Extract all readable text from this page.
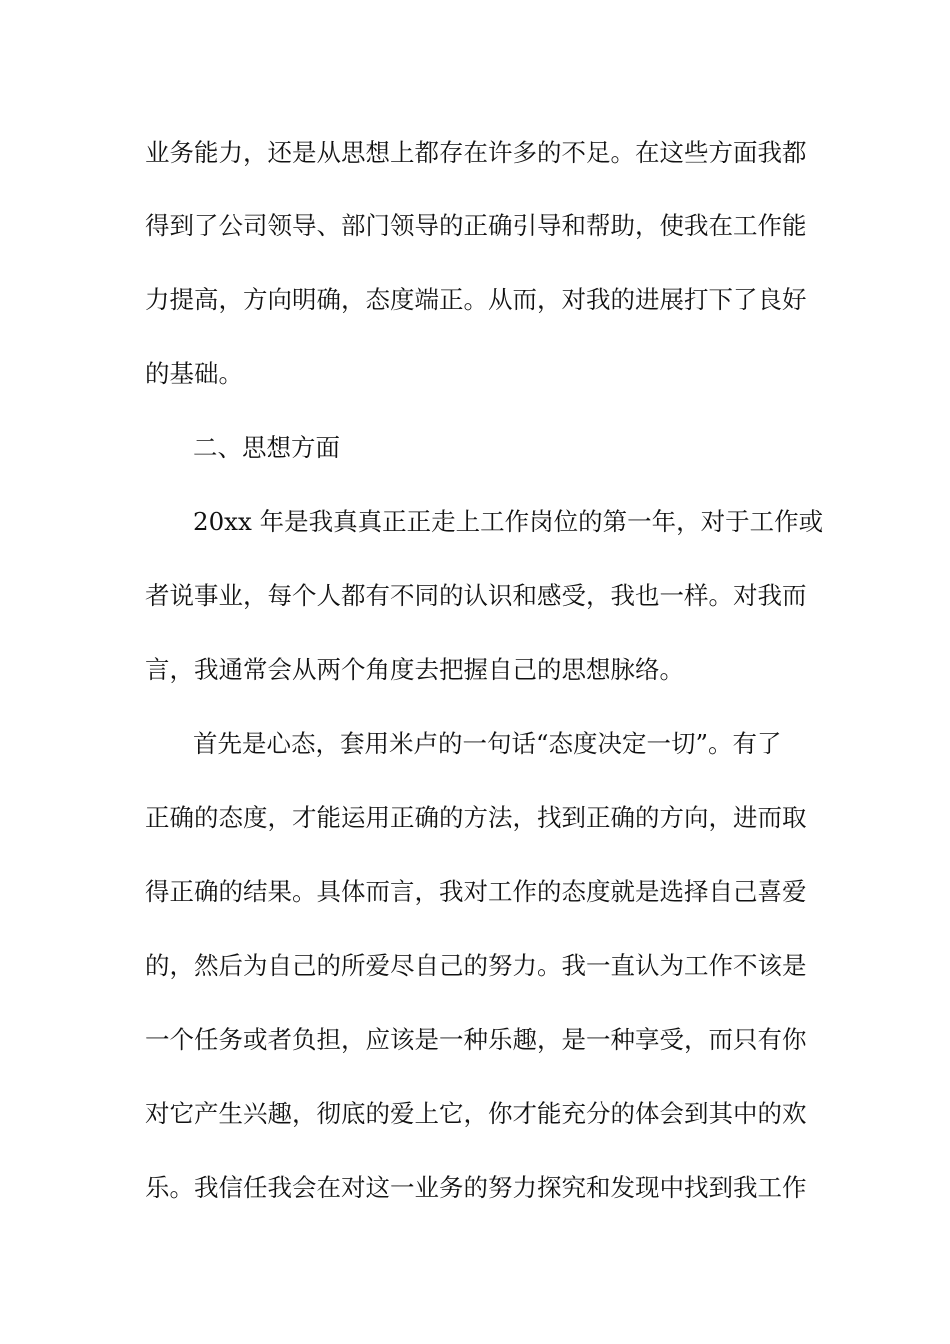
业务能力，还是从思想上都存在许多的不足。在这些方面我都
得到了公司领导、部门领导的正确引导和帮助，使我在工作能
力提高，方向明确，态度端正。从而，对我的进展打下了良好
的基础。
二、思想方面
20xx 年是我真真正正走上工作岗位的第一年，对于工作或
者说事业，每个人都有不同的认识和感受，我也一样。对我而
言，我通常会从两个角度去把握自己的思想脉络。
首先是心态，套用米卢的一句话“态度决定一切”。有了
正确的态度，才能运用正确的方法，找到正确的方向，进而取
得正确的结果。具体而言，我对工作的态度就是选择自己喜爱
的，然后为自己的所爱尽自己的努力。我一直认为工作不该是
一个任务或者负担，应该是一种乐趣，是一种享受，而只有你
对它产生兴趣，彻底的爱上它，你才能充分的体会到其中的欢
乐。我信任我会在对这一业务的努力探究和发现中找到我工作
